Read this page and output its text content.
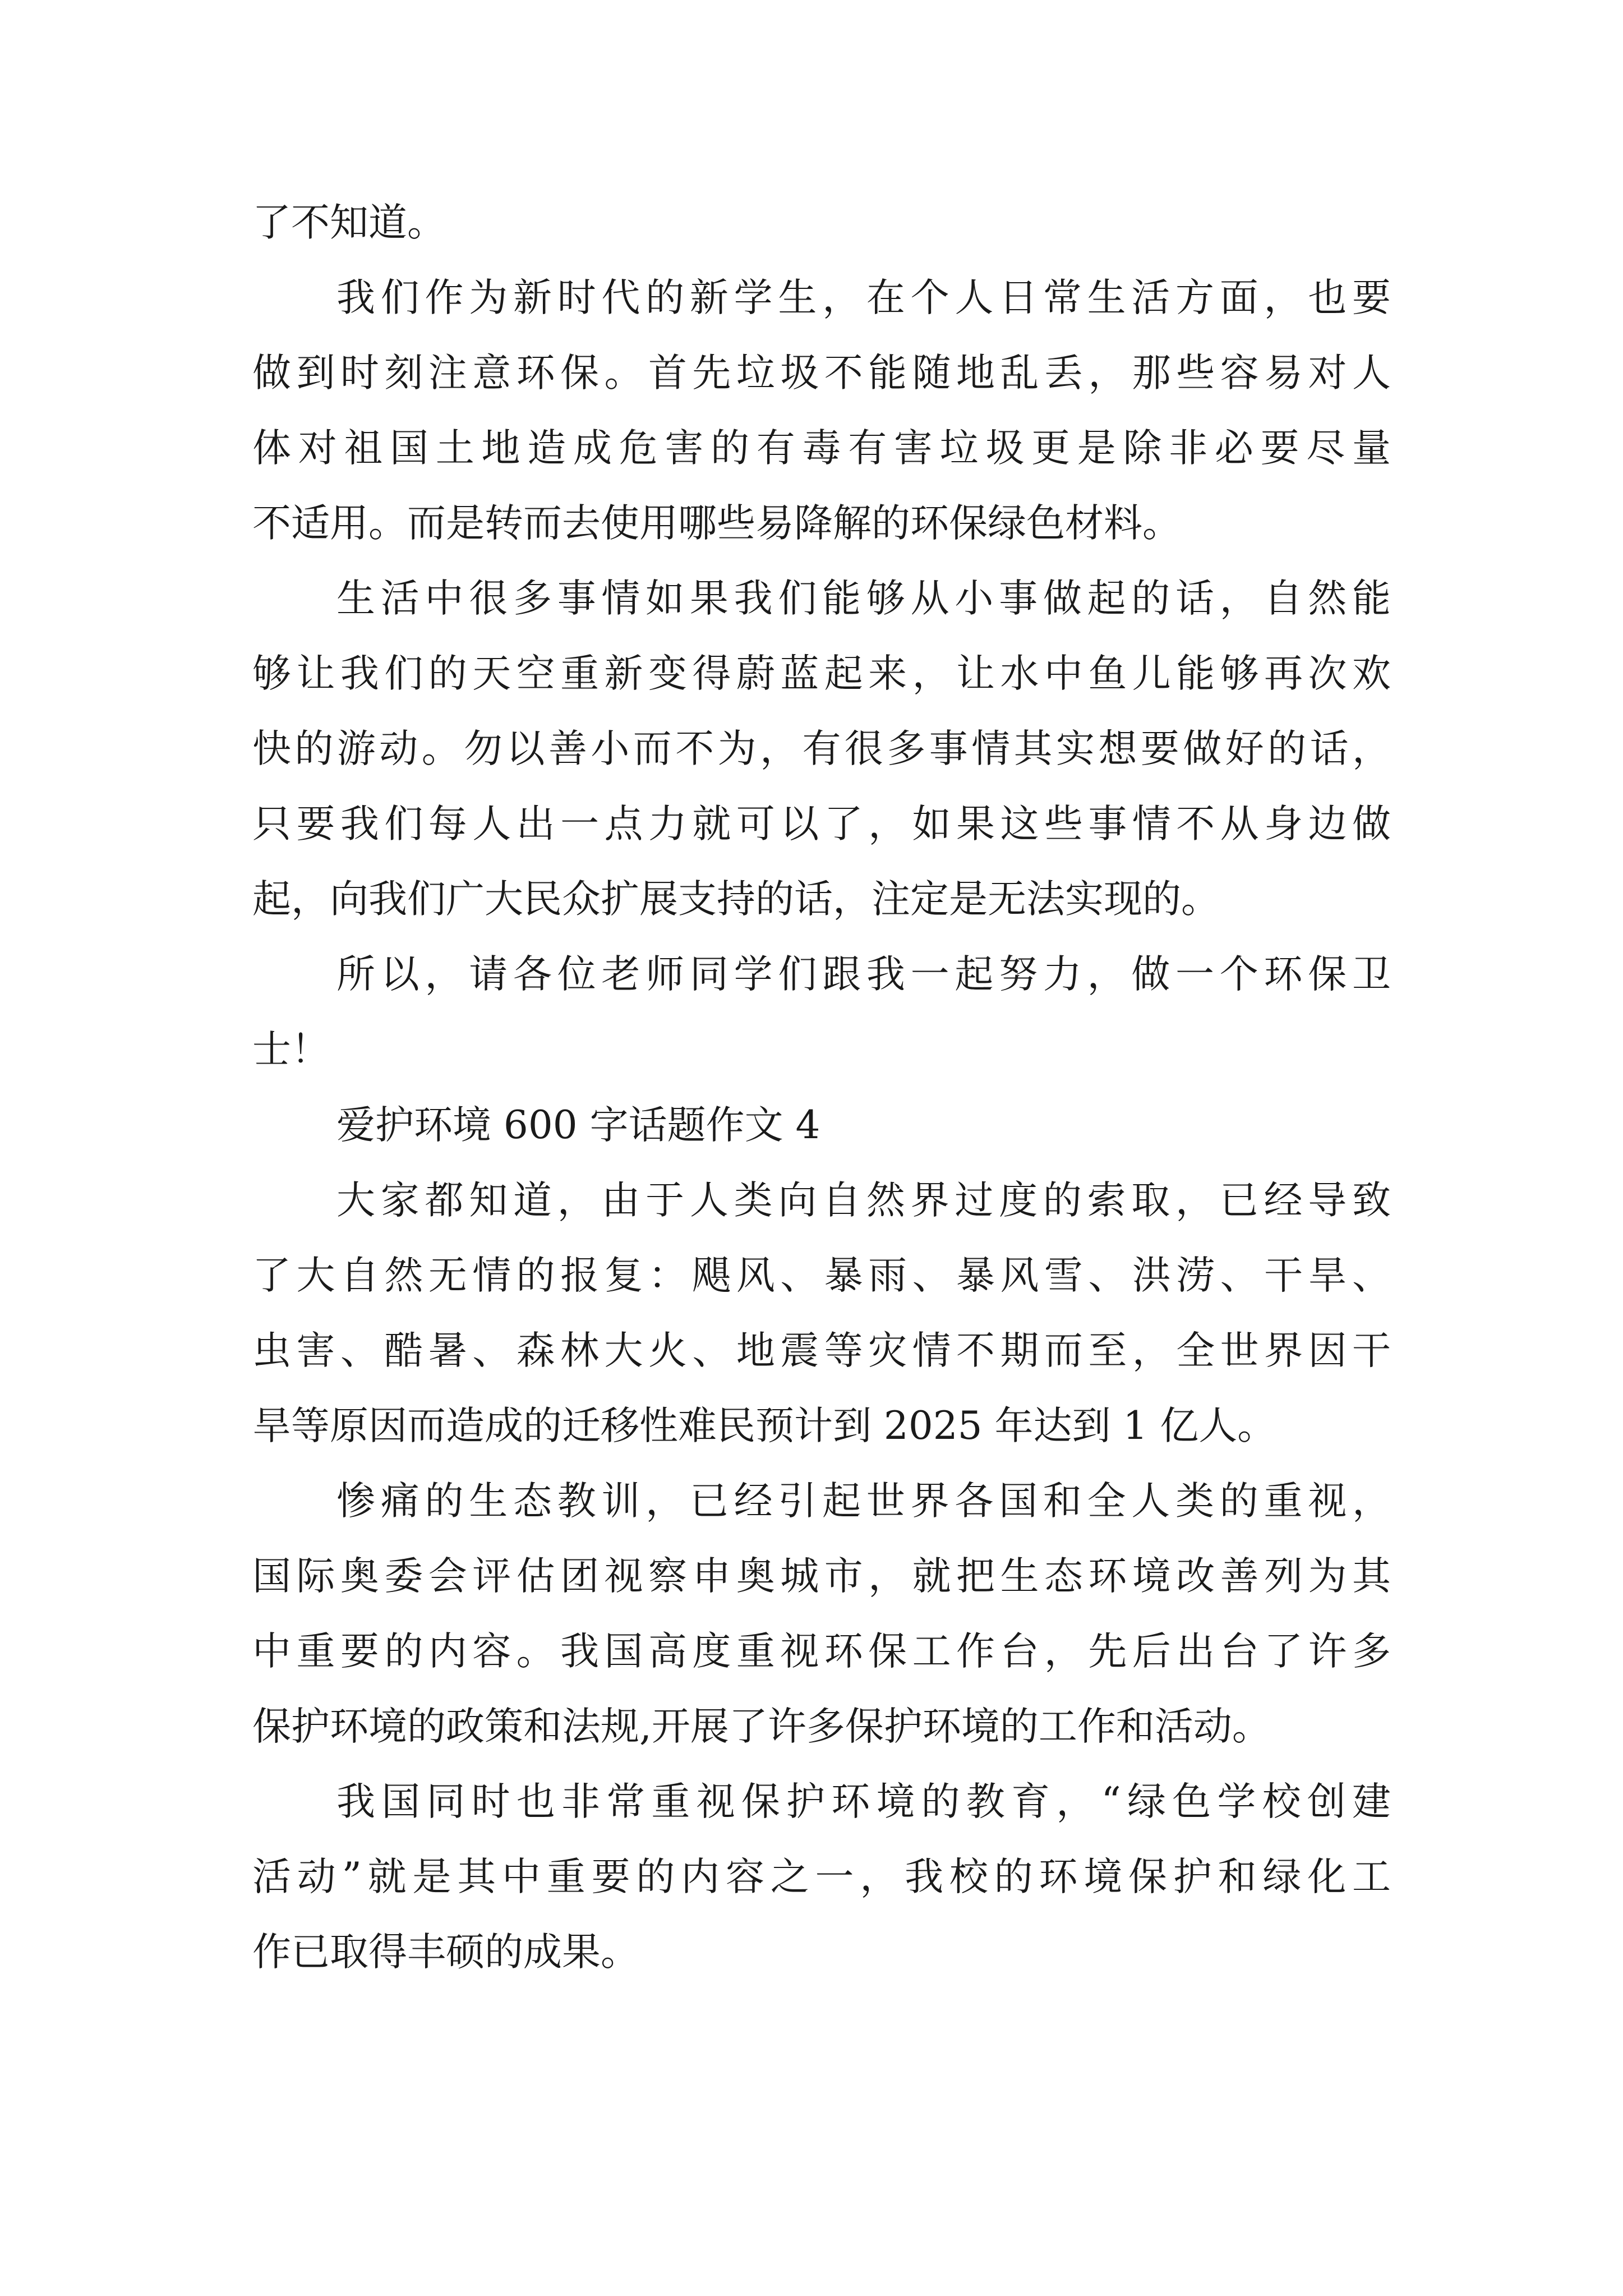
了不知道。

我们作为新时代的新学生，在个人日常生活方面，也要

做到时刻注意环保。首先垃圾不能随地乱丢，那些容易对人

体对祖国土地造成危害的有毒有害垃圾更是除非必要尽量

不适用。而是转而去使用哪些易降解的环保绿色材料。

生活中很多事情如果我们能够从小事做起的话，自然能

够让我们的天空重新变得蔚蓝起来，让水中鱼儿能够再次欢

快的游动。勿以善小而不为，有很多事情其实想要做好的话，

只要我们每人出一点力就可以了，如果这些事情不从身边做

起，向我们广大民众扩展支持的话，注定是无法实现的。

所以，请各位老师同学们跟我一起努力，做一个环保卫

士！

爱护环境 600 字话题作文 4

大家都知道，由于人类向自然界过度的索取，已经导致

了大自然无情的报复：飓风、暴雨、暴风雪、洪涝、干旱、

虫害、酷暑、森林大火、地震等灾情不期而至，全世界因干

旱等原因而造成的迁移性难民预计到 2025 年达到 1 亿人。

惨痛的生态教训，已经引起世界各国和全人类的重视，

国际奥委会评估团视察申奥城市，就把生态环境改善列为其

中重要的内容。我国高度重视环保工作台，先后出台了许多

保护环境的政策和法规,开展了许多保护环境的工作和活动。

我国同时也非常重视保护环境的教育，“绿色学校创建

活动”就是其中重要的内容之一，我校的环境保护和绿化工

作已取得丰硕的成果。
